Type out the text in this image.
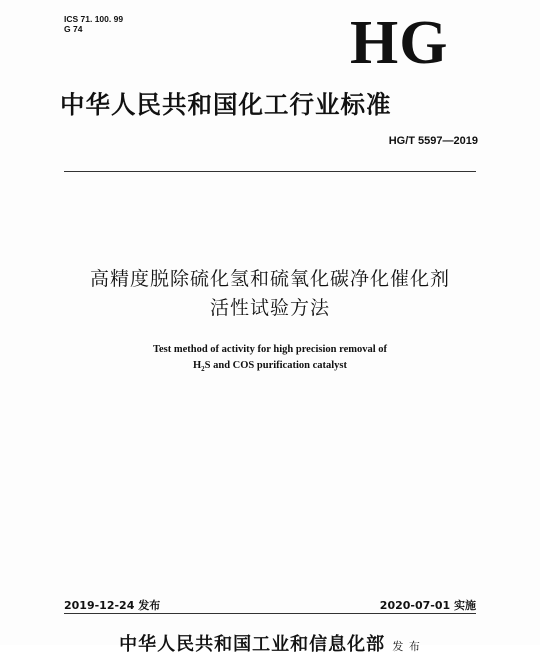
ICS 71. 100. 99
G 74	HG
中华人民共和国化工行业标准
HG/T 5597—2019
高精度脱除硫化氢和硫氧化碳净化催化剂
活性试验方法
Test method of activity for high precision removal of
$H_2S$ and COS purification catalyst
2019-12-24 发布	2020-07-01 实施
中华人民共和国工业和信息化部 发 布
